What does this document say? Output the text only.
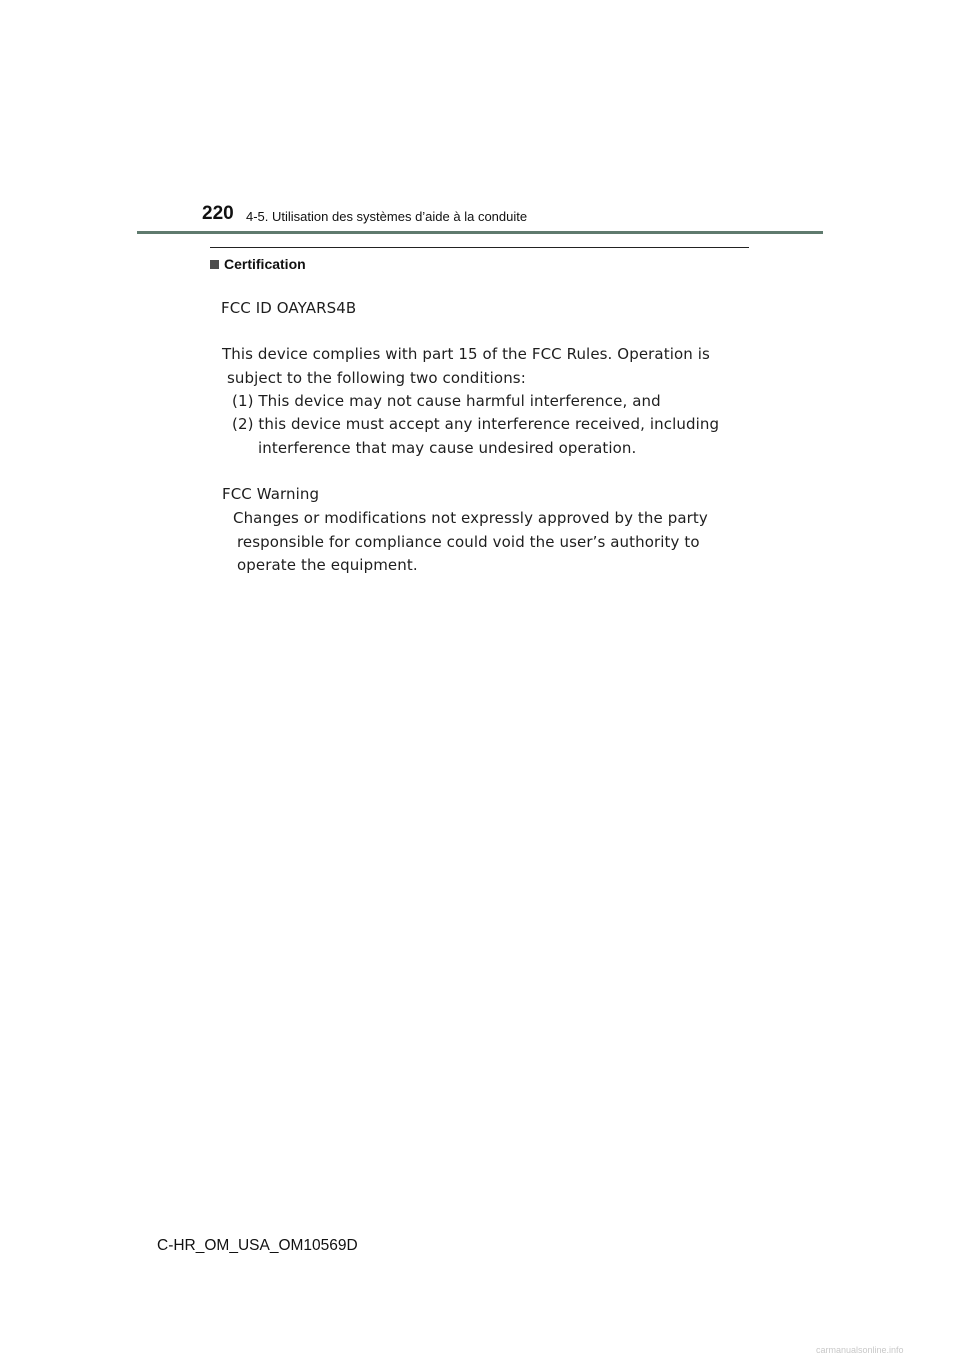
220 4-5. Utilisation des systèmes d’aide à la conduite
Certification
FCC ID OAYARS4B
This device complies with part 15 of the FCC Rules. Operation is
subject to the following two conditions:
(1) This device may not cause harmful interference, and
(2) this device must accept any interference received, including
interference that may cause undesired operation.
FCC Warning
Changes or modifications not expressly approved by the party
responsible for compliance could void the user’s authority to
operate the equipment.
C-HR_OM_USA_OM10569D
carmanualsonline.info
